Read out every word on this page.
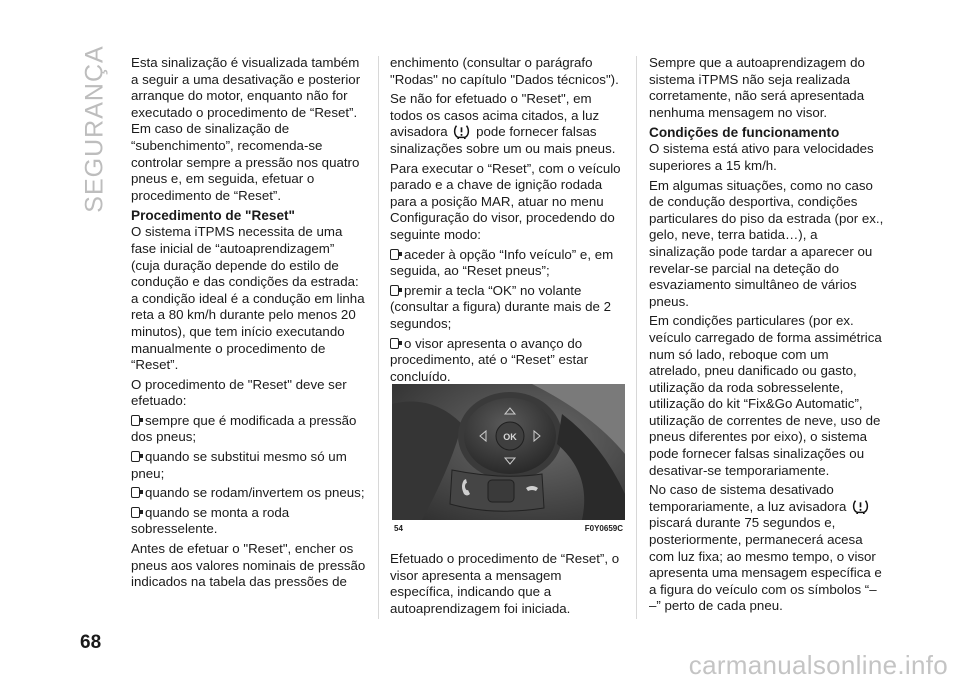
SEGURANÇA Esta sinalização é visualizada também a seguir a uma desativação e posterior arranque do motor, enquanto não for executado o procedimento de “Reset”. Em caso de sinalização de “subenchimento”, recomenda-se controlar sempre a pressão nos quatro pneus e, em seguida, efetuar o procedimento de “Reset”.

Procedimento de "Reset"

O sistema iTPMS necessita de uma fase inicial de “autoaprendizagem” (cuja duração depende do estilo de condução e das condições da estrada: a condição ideal é a condução em linha reta a 80 km/h durante pelo menos 20 minutos), que tem início executando manualmente o procedimento de “Reset”.

O procedimento de "Reset" deve ser efetuado:

sempre que é modificada a pressão dos pneus;

quando se substitui mesmo só um pneu;

quando se rodam/invertem os pneus;

quando se monta a roda sobresselente.

Antes de efetuar o "Reset", encher os pneus aos valores nominais de pressão indicados na tabela das pressões de

enchimento (consultar o parágrafo "Rodas" no capítulo "Dados técnicos").

Se não for efetuado o "Reset", em todos os casos acima citados, a luz avisadora pode fornecer falsas sinalizações sobre um ou mais pneus.

Para executar o “Reset”, com o veículo parado e a chave de ignição rodada para a posição MAR, atuar no menu Configuração do visor, procedendo do seguinte modo:

aceder à opção “Info veículo” e, em seguida, ao “Reset pneus”;

premir a tecla “OK” no volante (consultar a figura) durante mais de 2 segundos;

o visor apresenta o avanço do procedimento, até o “Reset” estar concluído.

OK
54	F0Y0659C

Efetuado o procedimento de “Reset”, o visor apresenta a mensagem específica, indicando que a autoaprendizagem foi iniciada.

Sempre que a autoaprendizagem do sistema iTPMS não seja realizada corretamente, não será apresentada nenhuma mensagem no visor.

Condições de funcionamento

O sistema está ativo para velocidades superiores a 15 km/h.

Em algumas situações, como no caso de condução desportiva, condições particulares do piso da estrada (por ex., gelo, neve, terra batida…), a sinalização pode tardar a aparecer ou revelar-se parcial na deteção do esvaziamento simultâneo de vários pneus.

Em condições particulares (por ex. veículo carregado de forma assimétrica num só lado, reboque com um atrelado, pneu danificado ou gasto, utilização da roda sobresselente, utilização do kit “Fix&Go Automatic”, utilização de correntes de neve, uso de pneus diferentes por eixo), o sistema pode fornecer falsas sinalizações ou desativar-se temporariamente.

No caso de sistema desativado temporariamente, a luz avisadora  piscará durante 75 segundos e, posteriormente, permanecerá acesa com luz fixa; ao mesmo tempo, o visor apresenta uma mensagem específica e a figura do veículo com os símbolos “– –” perto de cada pneu.

68
carmanualsonline.info
